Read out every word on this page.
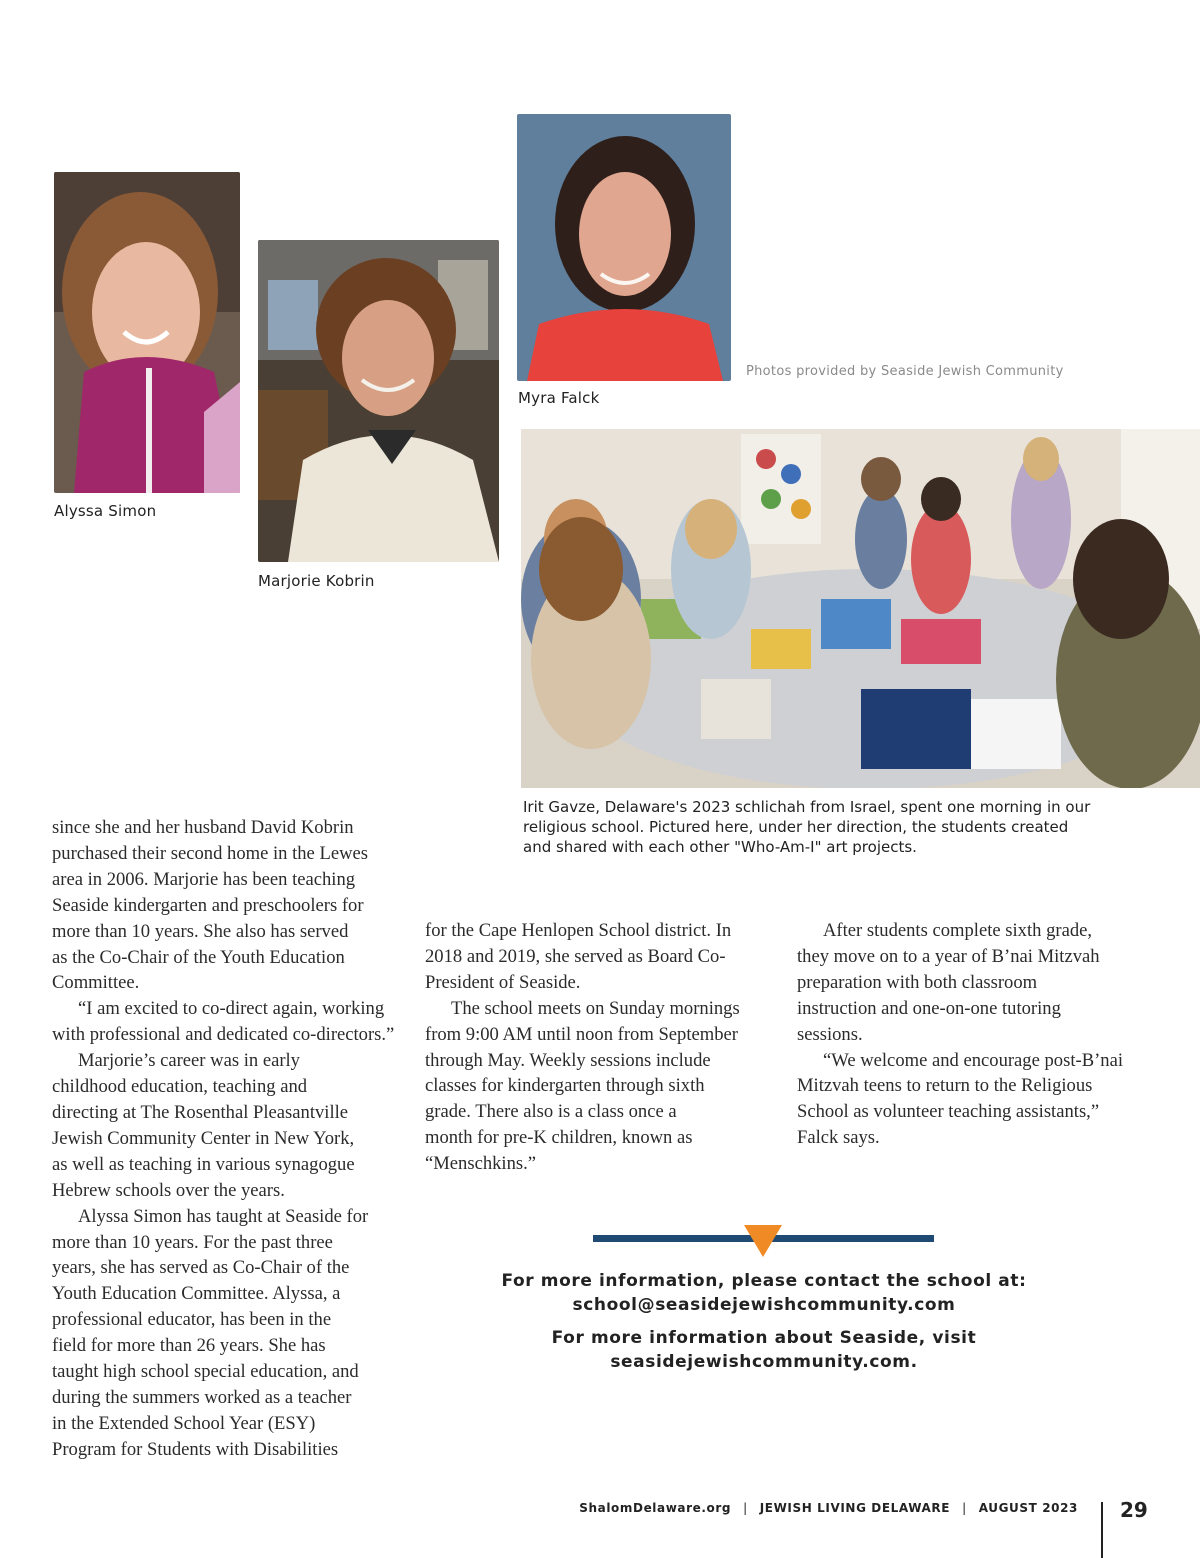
Alyssa Simon
Marjorie Kobrin
Myra Falck
Photos provided by Seaside Jewish Community
Irit Gavze, Delaware's 2023 schlichah from Israel, spent one morning in our
religious school. Pictured here, under her direction, the students created
and shared with each other "Who-Am-I" art projects.

since she and her husband David Kobrin

purchased their second home in the Lewes

area in 2006. Marjorie has been teaching

Seaside kindergarten and preschoolers for

more than 10 years. She also has served

as the Co-Chair of the Youth Education

Committee.

“I am excited to co-direct again, working

with professional and dedicated co-directors.”

Marjorie’s career was in early

childhood education, teaching and

directing at The Rosenthal Pleasantville

Jewish Community Center in New York,

as well as teaching in various synagogue

Hebrew schools over the years.

Alyssa Simon has taught at Seaside for

more than 10 years. For the past three

years, she has served as Co-Chair of the

Youth Education Committee. Alyssa, a

professional educator, has been in the

field for more than 26 years. She has

taught high school special education, and

during the summers worked as a teacher

in the Extended School Year (ESY)

Program for Students with Disabilities

for the Cape Henlopen School district. In

2018 and 2019, she served as Board Co-

President of Seaside.

The school meets on Sunday mornings

from 9:00 AM until noon from September

through May. Weekly sessions include

classes for kindergarten through sixth

grade. There also is a class once a

month for pre-K children, known as

“Menschkins.”

After students complete sixth grade,

they move on to a year of B’nai Mitzvah

preparation with both classroom

instruction and one-on-one tutoring

sessions.

“We welcome and encourage post-B’nai

Mitzvah teens to return to the Religious

School as volunteer teaching assistants,”

Falck says.

For more information, please contact the school at:
school@seasidejewishcommunity.com
For more information about Seaside, visit
seasidejewishcommunity.com.
ShalomDelaware.org | JEWISH LIVING DELAWARE | AUGUST 2023 29
